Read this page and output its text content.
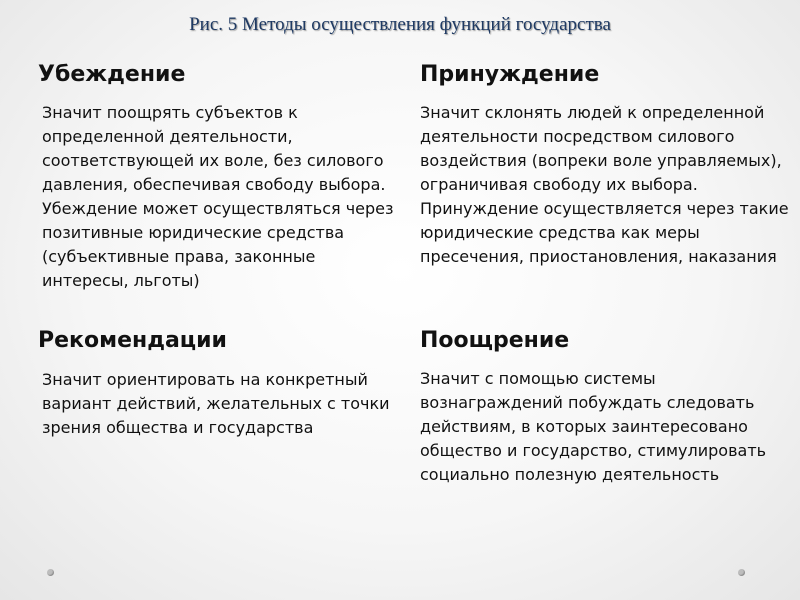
Рис. 5 Методы осуществления функций государства
Убеждение

Значит поощрять субъектов к определенной деятельности, соответствующей их воле, без силового давления, обеспечивая свободу выбора. Убеждение может осуществляться через позитивные юридические средства (субъективные права, законные интересы, льготы)

Принуждение

Значит склонять людей к определенной деятельности посредством силового воздействия (вопреки воле управляемых), ограничивая свободу их выбора. Принуждение осуществляется через такие юридические средства как меры пресечения, приостановления, наказания

Значит ориентировать на конкретный вариант действий, желательных с точки зрения общества и государства

Рекомендации

Значит с помощью системы вознаграждений побуждать следовать действиям, в которых заинтересовано общество и государство, стимулировать социально полезную деятельность

Поощрение
